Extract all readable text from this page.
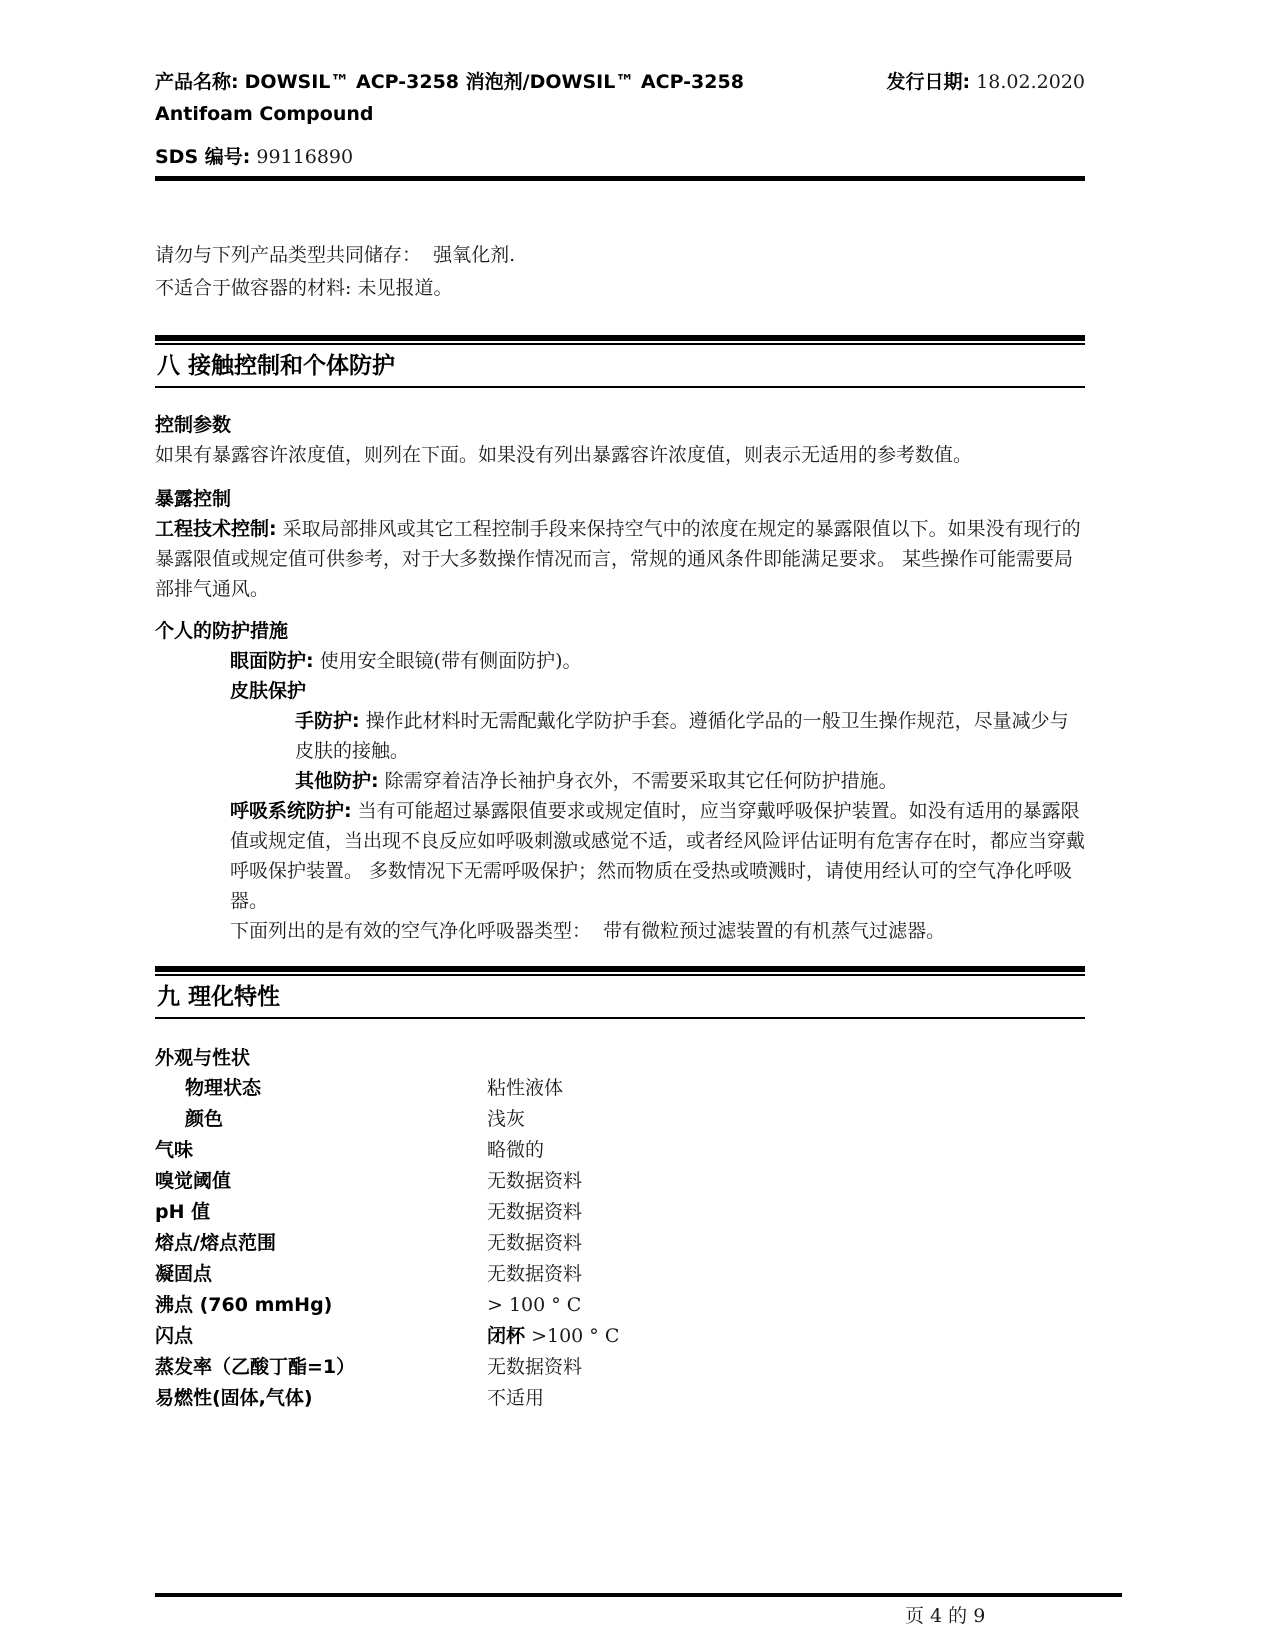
产品名称: DOWSIL™ ACP-3258 消泡剂/DOWSIL™ ACP-3258 Antifoam Compound
发行日期: 18.02.2020
SDS 编号: 99116890
请勿与下列产品类型共同储存：  强氧化剂.
不适合于做容器的材料: 未见报道。
八 接触控制和个体防护
控制参数
如果有暴露容许浓度值，则列在下面。如果没有列出暴露容许浓度值，则表示无适用的参考数值。
暴露控制
工程技术控制: 采取局部排风或其它工程控制手段来保持空气中的浓度在规定的暴露限值以下。如果没有现行的暴露限值或规定值可供参考，对于大多数操作情况而言，常规的通风条件即能满足要求。 某些操作可能需要局部排气通风。
个人的防护措施
眼面防护: 使用安全眼镜(带有侧面防护)。
皮肤保护
手防护: 操作此材料时无需配戴化学防护手套。遵循化学品的一般卫生操作规范，尽量减少与皮肤的接触。
其他防护: 除需穿着洁净长袖护身衣外，不需要采取其它任何防护措施。
呼吸系统防护: 当有可能超过暴露限值要求或规定值时，应当穿戴呼吸保护装置。如没有适用的暴露限值或规定值，当出现不良反应如呼吸刺激或感觉不适，或者经风险评估证明有危害存在时，都应当穿戴呼吸保护装置。 多数情况下无需呼吸保护；然而物质在受热或喷溅时，请使用经认可的空气净化呼吸器。
下面列出的是有效的空气净化呼吸器类型：  带有微粒预过滤装置的有机蒸气过滤器。
九 理化特性
外观与性状
物理状态	粘性液体
颜色	浅灰
气味	略微的
嗅觉阈值	无数据资料
pH 值	无数据资料
熔点/熔点范围	无数据资料
凝固点	无数据资料
沸点 (760 mmHg)	> 100 ° C
闪点	闭杯 >100 ° C
蒸发率（乙酸丁酯=1）	无数据资料
易燃性(固体,气体)	不适用
页 4 的 9
